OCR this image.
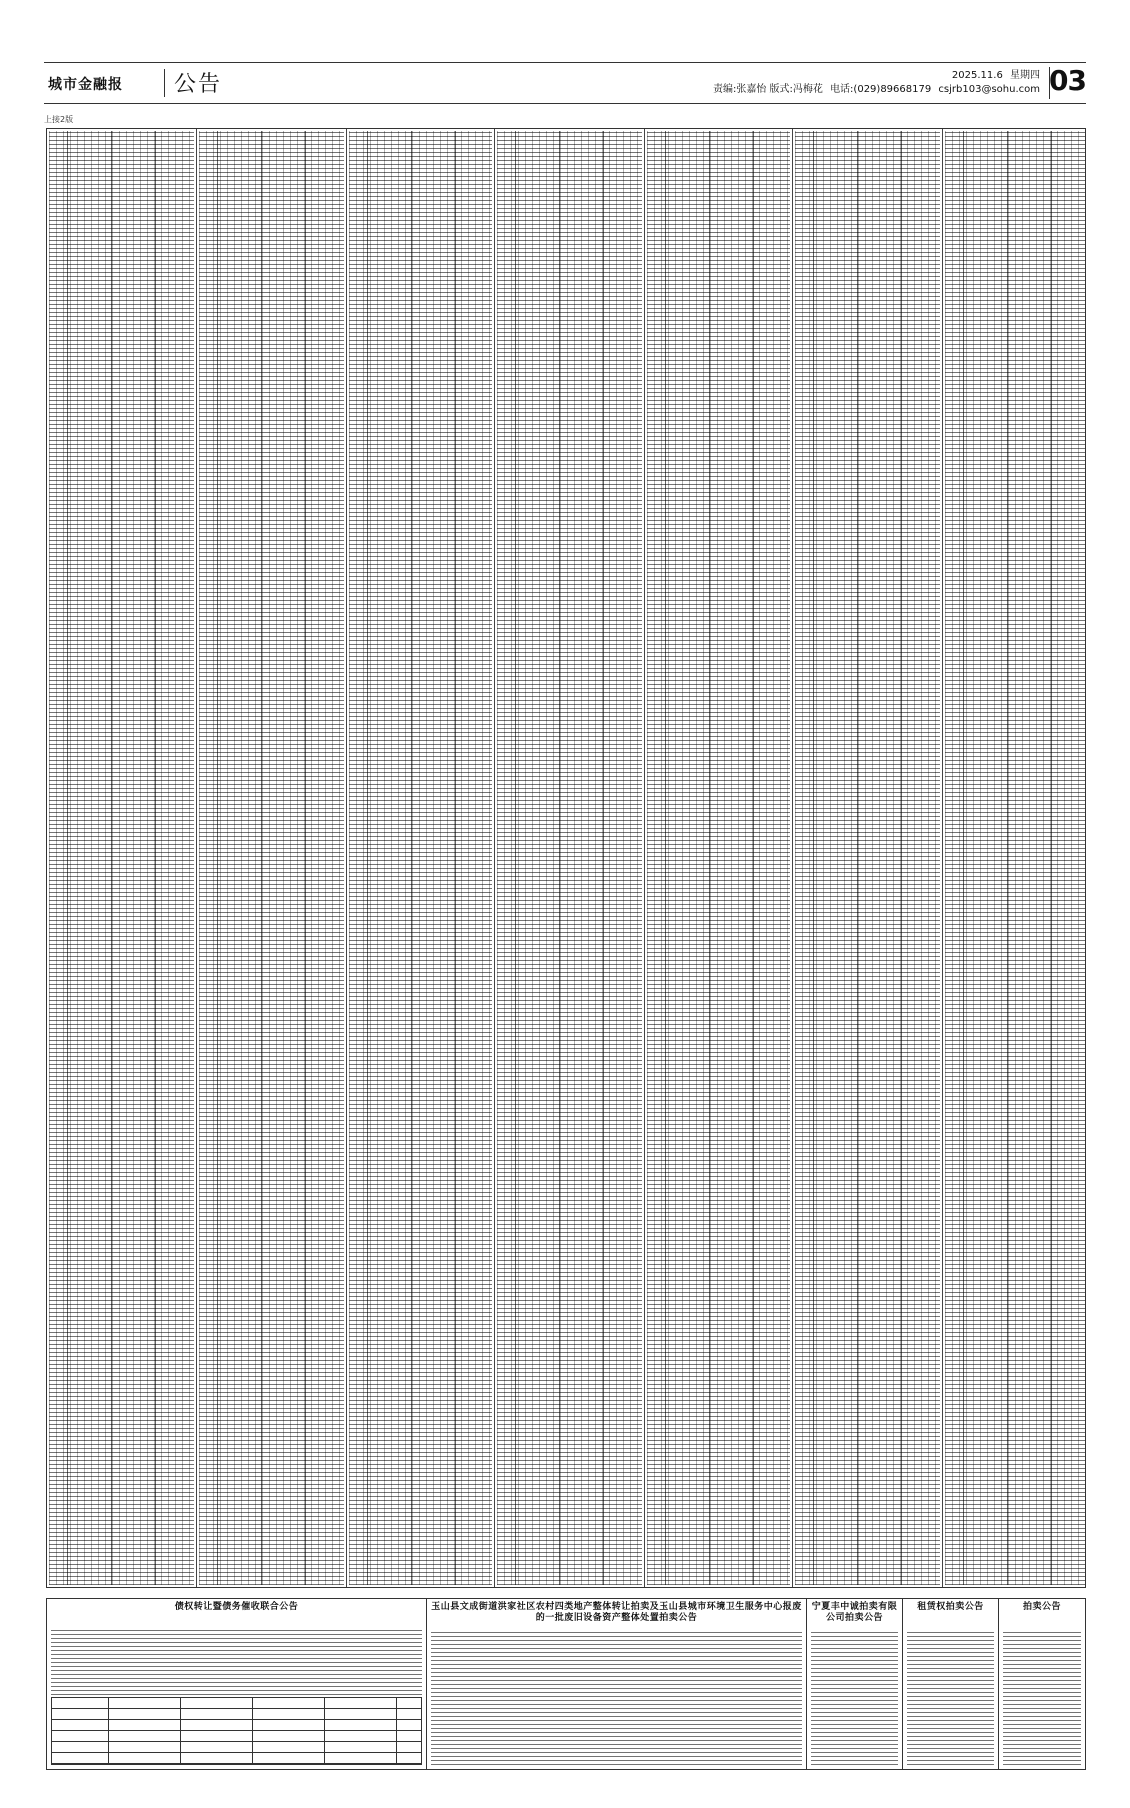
城市金融报 公告	2025.11.6 星期四
责编:张嘉怡 版式:冯梅花 电话:(029)89668179 csjrb103@sohu.com 03
上接2版
债权转让暨债务催收联合公告	玉山县文成街道洪家社区农村四类地产整体转让拍卖及玉山县城市环境卫生服务中心报废的一批废旧设备资产整体处置拍卖公告
宁夏丰中诚拍卖有限公司拍卖公告
租赁权拍卖公告	拍卖公告
